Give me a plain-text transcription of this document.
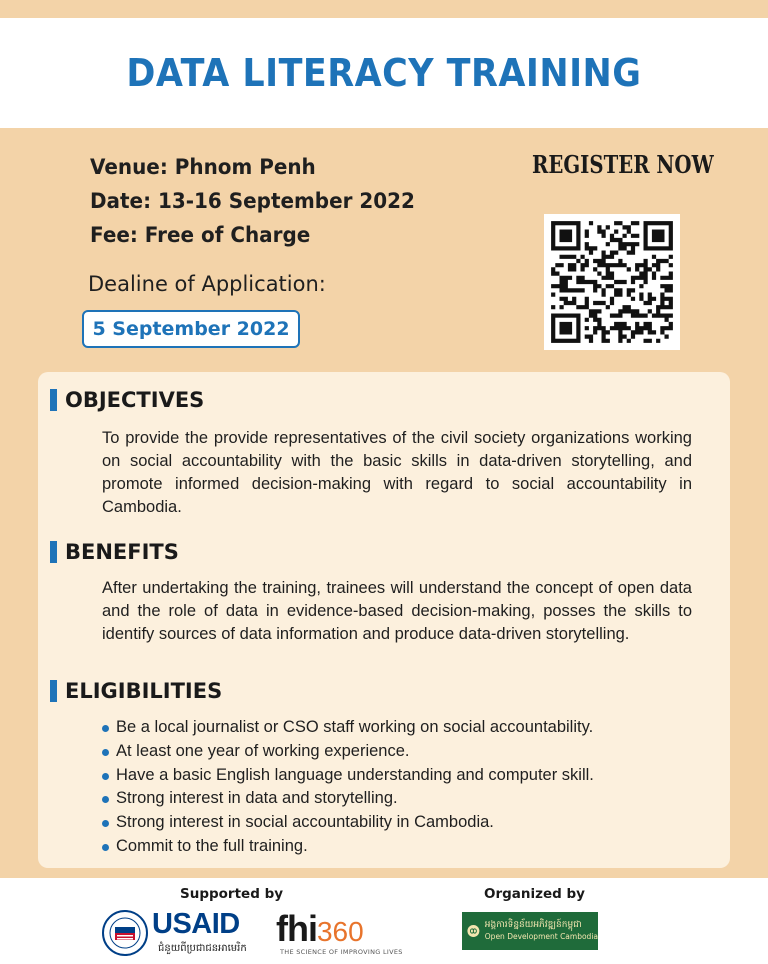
DATA LITERACY TRAINING
Venue: Phnom Penh
Date: 13-16 September 2022
Fee: Free of Charge
Dealine of Application:
5 September 2022
REGISTER NOW
OBJECTIVES
To provide the provide representatives of the civil society organizations working on social accountability with the basic skills in data-driven storytelling, and promote informed decision-making with regard to social accountability in Cambodia.
BENEFITS
After undertaking the training, trainees will understand the concept of open data and the role of data in evidence-based decision-making, posses the skills to identify sources of data information and produce data-driven storytelling.
ELIGIBILITIES
Be a local journalist or CSO staff working on social accountability.
At least one year of working experience.
Have a basic English language understanding and computer skill.
Strong interest in data and storytelling.
Strong interest in social accountability in Cambodia.
Commit to the full training.
Supported by	Organized by
USAID
ជំនួយពីប្រជាជនអាមេរិក fhi360
THE SCIENCE OF IMPROVING LIVES
អង្គការទិន្នន័យអភិវឌ្ឍន៍កម្ពុជា
Open Development Cambodia
